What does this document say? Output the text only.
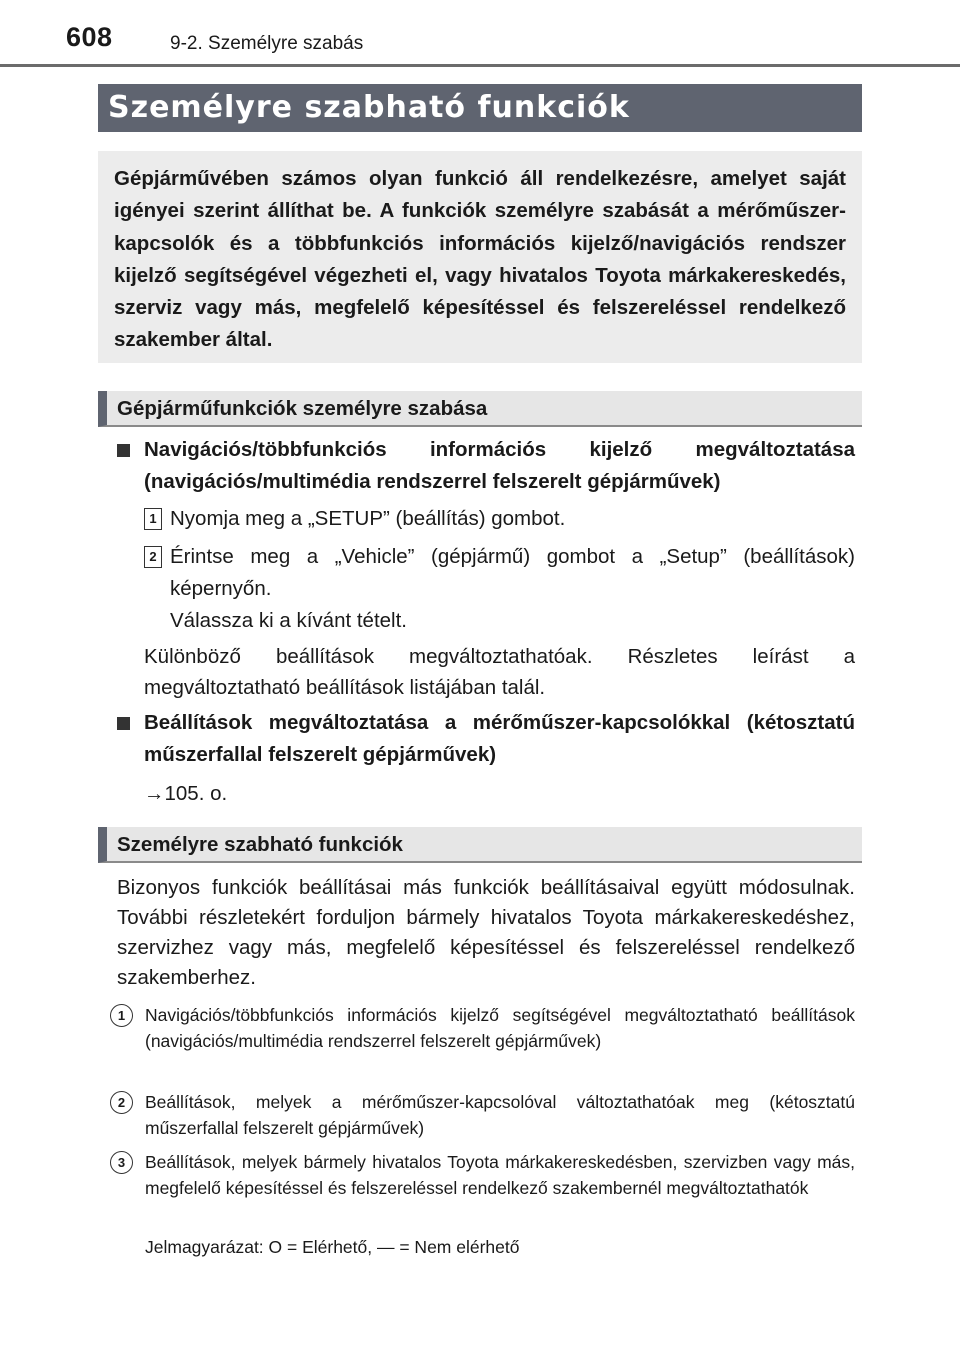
608	9-2. Személyre szabás
Személyre szabható funkciók
Gépjárművében számos olyan funkció áll rendelkezésre, amelyet saját igényei szerint állíthat be. A funkciók személyre szabását a mérőműszer-kapcsolók és a többfunkciós információs kijelző/navigációs rendszer kijelző segítségével végezheti el, vagy hivatalos Toyota márkakereskedés, szerviz vagy más, megfelelő képesítéssel és felszereléssel rendelkező szakember által.
Gépjárműfunkciók személyre szabása
Navigációs/többfunkciós információs kijelző megváltoztatása (navigációs/multimédia rendszerrel felszerelt gépjárművek)
1 Nyomja meg a „SETUP” (beállítás) gombot.
2 Érintse meg a „Vehicle” (gépjármű) gombot a „Setup” (beállítások) képernyőn.
Válassza ki a kívánt tételt.
Különböző beállítások megváltoztathatóak. Részletes leírást a megváltoztatható beállítások listájában talál.
Beállítások megváltoztatása a mérőműszer-kapcsolókkal (kétosztatú műszerfallal felszerelt gépjárművek)
→105. o.
Személyre szabható funkciók
Bizonyos funkciók beállításai más funkciók beállításaival együtt módosulnak. További részletekért forduljon bármely hivatalos Toyota márkakereskedéshez, szervizhez vagy más, megfelelő képesítéssel és felszereléssel rendelkező szakemberhez.
1	Navigációs/többfunkciós információs kijelző segítségével megváltoztatható beállítások (navigációs/multimédia rendszerrel felszerelt gépjárművek)
2	Beállítások, melyek a mérőműszer-kapcsolóval változtathatóak meg (kétosztatú műszerfallal felszerelt gépjárművek)
3	Beállítások, melyek bármely hivatalos Toyota márkakereskedésben, szervizben vagy más, megfelelő képesítéssel és felszereléssel rendelkező szakembernél megváltoztathatók
Jelmagyarázat: O = Elérhető, — = Nem elérhető
